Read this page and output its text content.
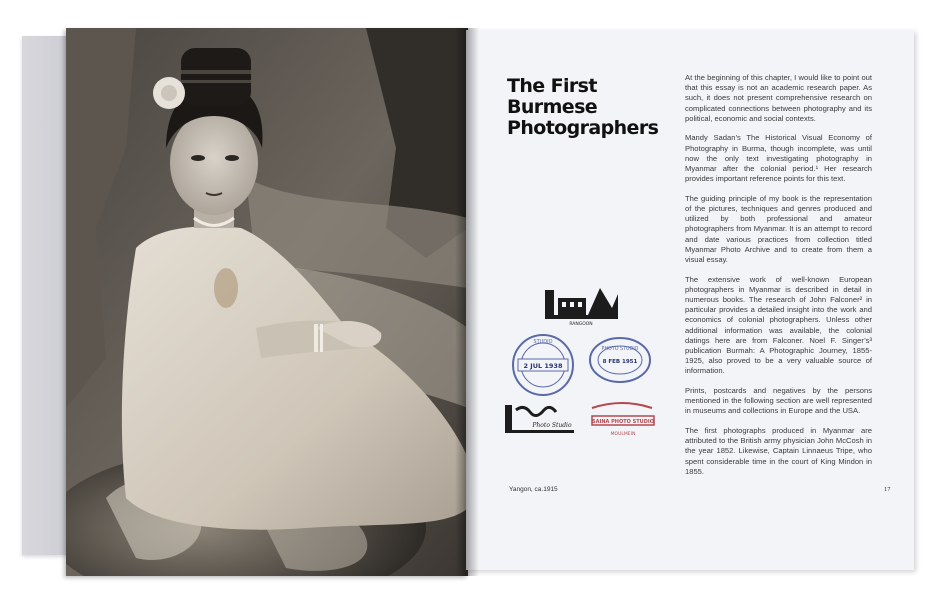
The First Burmese Photographers

At the beginning of this chapter, I would like to point out that this essay is not an academic research paper. As such, it does not present comprehensive research on complicated connections between photography and its political, economic and social contexts.

Mandy Sadan’s The Historical Visual Economy of Photography in Burma, though incomplete, was until now the only text investigating photography in Myanmar after the colonial period.¹ Her research provides important reference points for this text.

The guiding principle of my book is the representation of the pictures, techniques and genres produced and utilized by both professional and amateur photographers from Myanmar. It is an attempt to record and date various practices from collection titled Myanmar Photo Archive and to create from them a visual essay.

The extensive work of well-known European photographers in Myanmar is described in detail in numerous books. The research of John Falconer² in particular provides a detailed insight into the work and economics of colonial photographers. Unless other additional information was available, the colonial datings here are from Falconer. Noel F. Singer’s³ publication Burmah: A Photographic Journey, 1855-1925, also proved to be a very valuable source of information.

Prints, postcards and negatives by the persons mentioned in the following section are well represented in museums and collections in Europe and the USA.

The first photographs produced in Myanmar are attributed to the British army physician John McCosh in the year 1852. Likewise, Captain Linnaeus Tripe, who spent considerable time in the court of King Mindon in 1855.

RANGOON
2 JUL 1938
STUDIO
PHOTO STUDIO
8 FEB 1951
Photo Studio	SAINA PHOTO STUDIO
MOULMEIN
Yangon, ca.1915	17
